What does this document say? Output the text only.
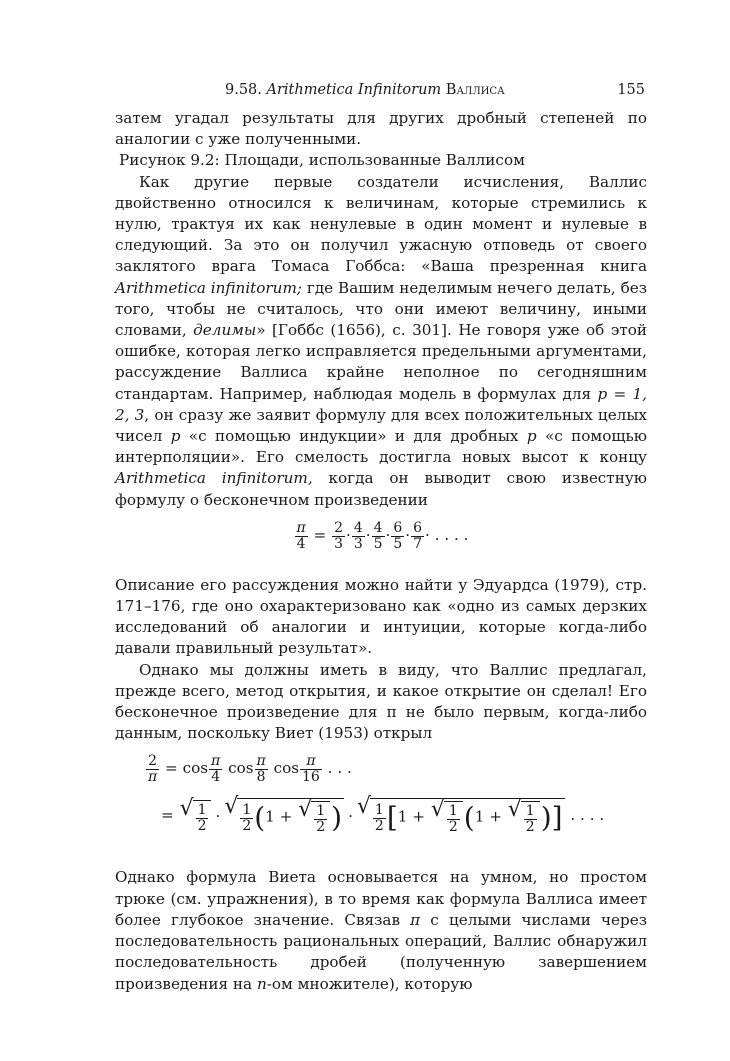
9.58. Arithmetica Infinitorum Валлиса	155

затем угадал результаты для других дробный степеней по аналогии с уже полученными.

Рисунок 9.2: Площади, использованные Валлисом

Как другие первые создатели исчисления, Валлис двойственно относился к величинам, которые стремились к нулю, трактуя их как ненулевые в один момент и нулевые в следующий. За это он получил ужасную отповедь от своего заклятого врага Томаса Гоббса: «Ваша презренная книга Arithmetica infinitorum; где Вашим неделимым нечего делать, без того, чтобы не считалось, что они имеют величину, иными словами, делимы» [Гоббс (1656), с. 301]. Не говоря уже об этой ошибке, которая легко исправляется предельными аргументами, рассуждение Валлиса крайне неполное по сегодняшним стандартам. Например, наблюдая модель в формулах для p = 1, 2, 3, он сразу же заявит формулу для всех положительных целых чисел p «с помощью индукции» и для дробных p «с помощью интерполяции». Его смелость достигла новых высот к концу Arithmetica infinitorum, когда он выводит свою известную формулу о бесконечном произведении

$\frac{\pi}{4} = \frac{2}{3} \cdot \frac{4}{3} \cdot \frac{4}{5} \cdot \frac{6}{5} \cdot \frac{6}{7}$ · . . . .

Описание его рассуждения можно найти у Эдуардса (1979), стр. 171–176, где оно охарактеризовано как «одно из самых дерзких исследований об аналогии и интуиции, которые когда-либо давали правильный результат».

Однако мы должны иметь в виду, что Валлис предлагал, прежде всего, метод открытия, и какое открытие он сделал! Его бесконечное произведение для π не было первым, когда-либо данным, поскольку Виет (1953) открыл

$\frac{2}{\pi} = \cos \frac{\pi}{4}$ $\cos \frac{\pi}{8}$ $\cos \frac{\pi}{16}$ . . .
= √ $\frac{1}{2}$ · √ $\frac{1}{2} (1$ + √ $\frac{1}{2}$ ) · √ $\frac{1}{2} [1$ + √ $\frac{1}{2} (1$ + √ $\frac{1}{2}$ )] . . . .

Однако формула Виета основывается на умном, но простом трюке (см. упражнения), в то время как формула Валлиса имеет более глубокое значение. Связав π с целыми числами через последовательность рациональных операций, Валлис обнаружил последовательность дробей (полученную завершением произведения на n-ом множителе), которую
